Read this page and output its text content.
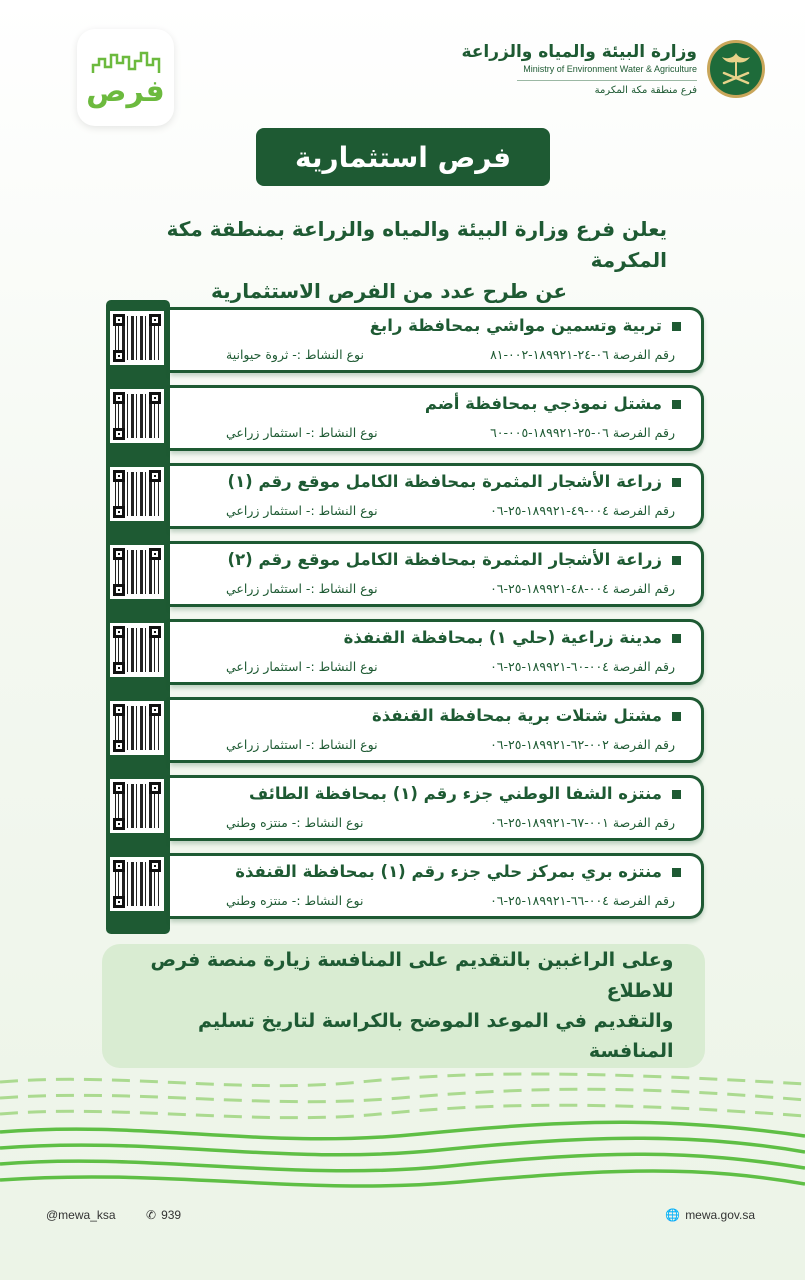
فرص
وزارة البيئة والمياه والزراعة
Ministry of Environment Water & Agriculture
فرع منطقة مكة المكرمة
فرص استثمارية
يعلن فرع وزارة البيئة والمياه والزراعة بمنطقة مكة المكرمة
عن طرح عدد من الفرص الاستثمارية
تربية وتسمين مواشي بمحافظة رابغ
رقم الفرصة ٠٦-٢٤-١٨٩٩٢١-٠٠٢-٨١
نوع النشاط :- ثروة حيوانية
مشتل نموذجي بمحافظة أضم
رقم الفرصة ٠٦-٢٥-١٨٩٩٢١-٠٠٥-٦٠
نوع النشاط :- استثمار زراعي
زراعة الأشجار المثمرة بمحافظة الكامل موقع رقم (١)
رقم الفرصة ٠٠٤-٤٩-١٨٩٩٢١-٢٥-٠٦
نوع النشاط :- استثمار زراعي
زراعة الأشجار المثمرة بمحافظة الكامل موقع رقم (٢)
رقم الفرصة ٠٠٤-٤٨-١٨٩٩٢١-٢٥-٠٦
نوع النشاط :- استثمار زراعي
مدينة زراعية (حلي ١) بمحافظة القنفذة
رقم الفرصة ٠٠٤-٦٠-١٨٩٩٢١-٢٥-٠٦
نوع النشاط :- استثمار زراعي
مشتل شتلات برية بمحافظة القنفذة
رقم الفرصة ٠٠٢-٦٢-١٨٩٩٢١-٢٥-٠٦
نوع النشاط :- استثمار زراعي
منتزه الشفا الوطني جزء رقم (١) بمحافظة الطائف
رقم الفرصة ٠٠١-٦٧-١٨٩٩٢١-٢٥-٠٦
نوع النشاط :- منتزه وطني
منتزه بري بمركز حلي جزء رقم (١) بمحافظة القنفذة
رقم الفرصة ٠٠٤-٦٦-١٨٩٩٢١-٢٥-٠٦
نوع النشاط :- منتزه وطني
وعلى الراغبين بالتقديم على المنافسة زيارة منصة فرص للاطلاع
والتقديم في الموعد الموضح بالكراسة لتاريخ تسليم المنافسة
@mewa_ksa	✆ 939	🌐 mewa.gov.sa
